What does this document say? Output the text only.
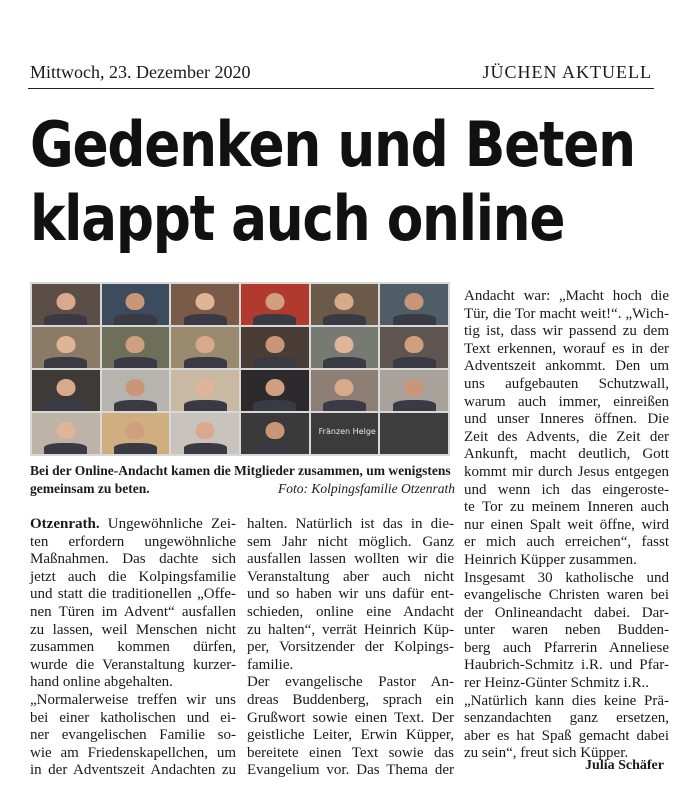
Mittwoch, 23. Dezember 2020	JÜCHEN AKTUELL
Gedenken und Beten
klappt auch online
Fränzen Helge
Bei der Online-Andacht kamen die Mitglieder zusammen, um wenigstens gemeinsam zu beten.	Foto: Kolpingsfamilie Otzenrath
Otzenrath. Ungewöhnliche Zei-
ten erfordern ungewöhnliche
Maßnahmen. Das dachte sich
jetzt auch die Kolpingsfamilie
und statt die traditionellen „Offe-
nen Türen im Advent“ ausfallen
zu lassen, weil Menschen nicht
zusammen kommen dürfen,
wurde die Veranstaltung kurzer-
hand online abgehalten.
„Normalerweise treffen wir uns
bei einer katholischen und ei-
ner evangelischen Familie so-
wie am Friedenskapellchen, um
in der Adventszeit Andachten zu
halten. Natürlich ist das in die-
sem Jahr nicht möglich. Ganz
ausfallen lassen wollten wir die
Veranstaltung aber auch nicht
und so haben wir uns dafür ent-
schieden, online eine Andacht
zu halten“, verrät Heinrich Küp-
per, Vorsitzender der Kolpings-
familie.
Der evangelische Pastor An-
dreas Buddenberg, sprach ein
Grußwort sowie einen Text. Der
geistliche Leiter, Erwin Küpper,
bereitete einen Text sowie das
Evangelium vor. Das Thema der
Andacht war: „Macht hoch die
Tür, die Tor macht weit!“. „Wich-
tig ist, dass wir passend zu dem
Text erkennen, worauf es in der
Adventszeit ankommt. Den um
uns aufgebauten Schutzwall,
warum auch immer, einreißen
und unser Inneres öffnen. Die
Zeit des Advents, die Zeit der
Ankunft, macht deutlich, Gott
kommt mir durch Jesus entgegen
und wenn ich das eingeroste-
te Tor zu meinem Inneren auch
nur einen Spalt weit öffne, wird
er mich auch erreichen“, fasst
Heinrich Küpper zusammen.
Insgesamt 30 katholische und
evangelische Christen waren bei
der Onlineandacht dabei. Dar-
unter waren neben Budden-
berg auch Pfarrerin Anneliese
Haubrich-Schmitz i.R. und Pfar-
rer Heinz-Günter Schmitz i.R..
„Natürlich kann dies keine Prä-
senzandachten ganz ersetzen,
aber es hat Spaß gemacht dabei
zu sein“, freut sich Küpper.
Julia Schäfer
